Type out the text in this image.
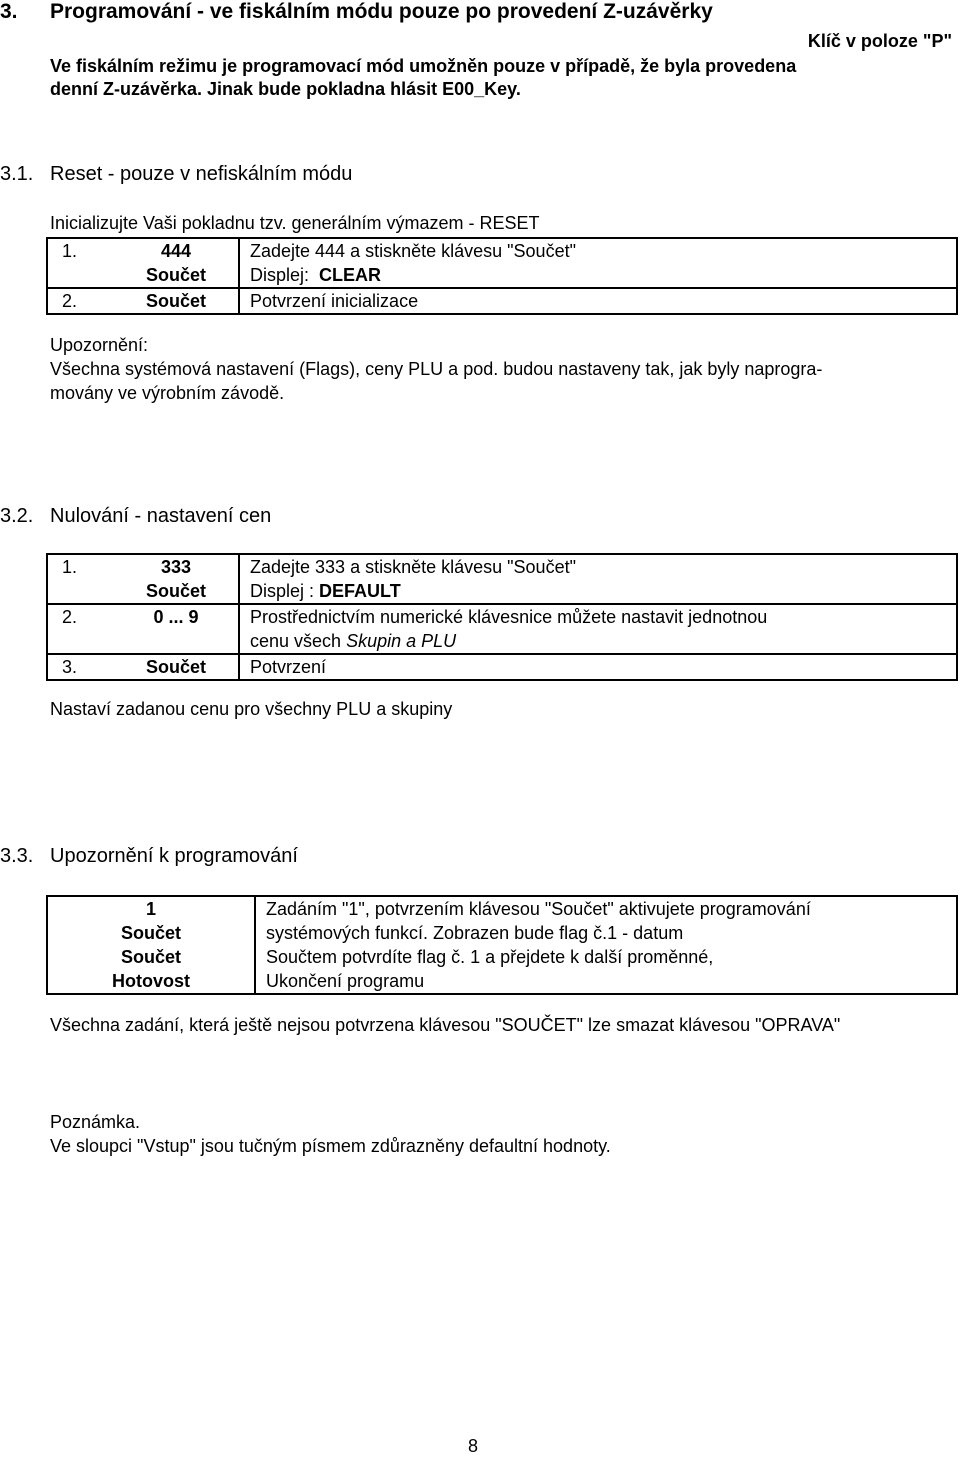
3. Programování - ve fiskálním módu pouze po provedení Z-uzávěrky
Klíč v poloze "P"
Ve fiskálním režimu je programovací mód umožněn pouze v případě, že byla provedena
denní Z-uzávěrka. Jinak bude pokladna hlásit E00_Key.
3.1. Reset - pouze v nefiskálním módu
Inicializujte Vaši pokladnu tzv. generálním výmazem - RESET
1.	444	Zadejte 444 a stiskněte klávesu "Součet"
	Součet	Displej: CLEAR
2.	Součet	Potvrzení inicializace
Upozornění:
Všechna systémová nastavení (Flags), ceny PLU a pod. budou nastaveny tak, jak byly naprogra-
movány ve výrobním závodě.
3.2. Nulování - nastavení cen
1.	333	Zadejte 333 a stiskněte klávesu "Součet"
	Součet	Displej : DEFAULT
2.	0 ... 9	Prostřednictvím numerické klávesnice můžete nastavit jednotnou
		cenu všech Skupin a PLU
3.	Součet	Potvrzení
Nastaví zadanou cenu pro všechny PLU a skupiny
3.3. Upozornění k programování
1	Zadáním "1", potvrzením klávesou "Součet" aktivujete programování
Součet	systémových funkcí. Zobrazen bude flag č.1 - datum
Součet	Součtem potvrdíte flag č. 1 a přejdete k další proměnné,
Hotovost	Ukončení programu
Všechna zadání, která ještě nejsou potvrzena klávesou "SOUČET" lze smazat klávesou "OPRAVA"
Poznámka.
Ve sloupci "Vstup" jsou tučným písmem zdůrazněny defaultní hodnoty.
8
